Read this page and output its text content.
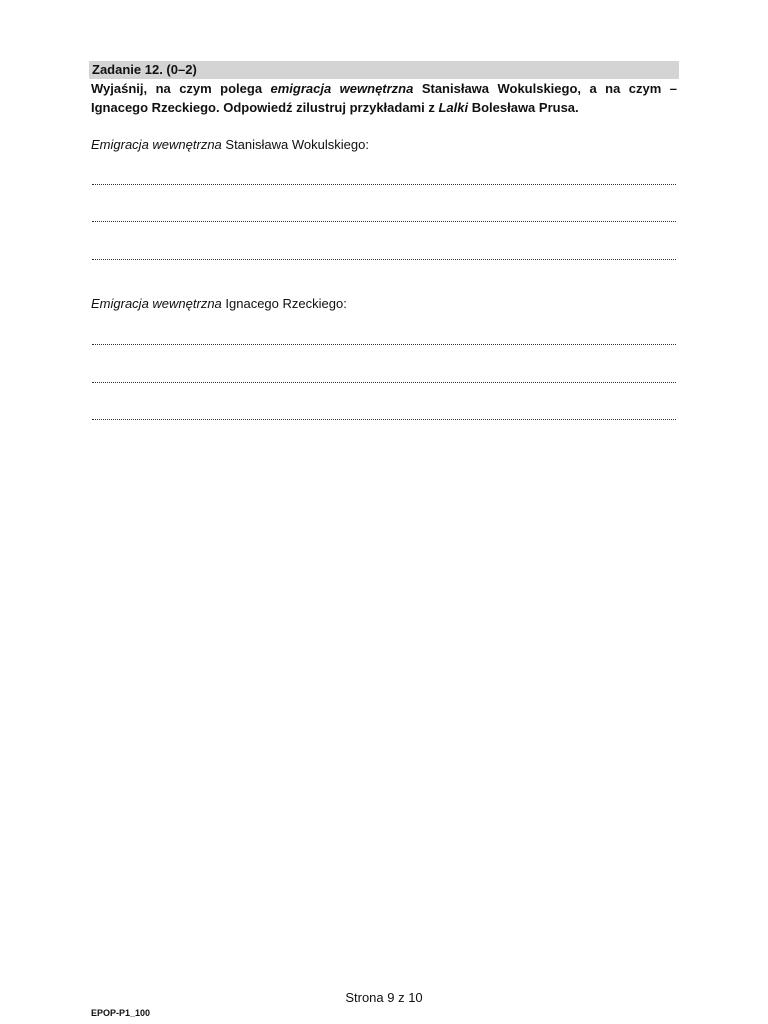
Zadanie 12. (0–2)
Wyjaśnij, na czym polega emigracja wewnętrzna Stanisława Wokulskiego, a na czym – Ignacego Rzeckiego. Odpowiedź zilustruj przykładami z Lalki Bolesława Prusa.
Emigracja wewnętrzna Stanisława Wokulskiego:
Emigracja wewnętrzna Ignacego Rzeckiego:
Strona 9 z 10
EPOP-P1_100
